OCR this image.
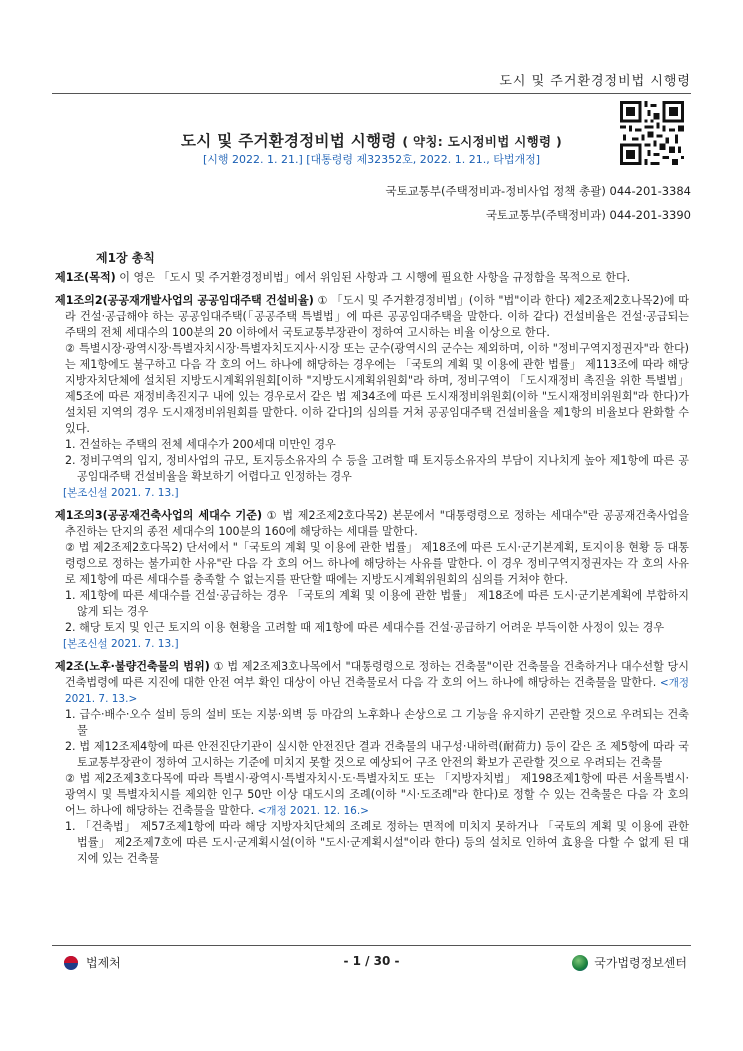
도시 및 주거환경정비법 시행령
도시 및 주거환경정비법 시행령 ( 약칭: 도시정비법 시행령 )
[시행 2022. 1. 21.] [대통령령 제32352호, 2022. 1. 21., 타법개정]
국토교통부(주택정비과-정비사업 정책 총괄) 044-201-3384
국토교통부(주택정비과) 044-201-3390
제1장 총칙

제1조(목적) 이 영은 「도시 및 주거환경정비법」에서 위임된 사항과 그 시행에 필요한 사항을 규정함을 목적으로 한다.

제1조의2(공공재개발사업의 공공임대주택 건설비율) ① 「도시 및 주거환경정비법」(이하 "법"이라 한다) 제2조제2호나목2)에 따라 건설·공급해야 하는 공공임대주택(「공공주택 특별법」에 따른 공공임대주택을 말한다. 이하 같다) 건설비율은 건설·공급되는 주택의 전체 세대수의 100분의 20 이하에서 국토교통부장관이 정하여 고시하는 비율 이상으로 한다.

② 특별시장·광역시장·특별자치시장·특별자치도지사·시장 또는 군수(광역시의 군수는 제외하며, 이하 "정비구역지정권자"라 한다)는 제1항에도 불구하고 다음 각 호의 어느 하나에 해당하는 경우에는 「국토의 계획 및 이용에 관한 법률」 제113조에 따라 해당 지방자치단체에 설치된 지방도시계획위원회[이하 "지방도시계획위원회"라 하며, 정비구역이 「도시재정비 촉진을 위한 특별법」 제5조에 따른 재정비촉진지구 내에 있는 경우로서 같은 법 제34조에 따른 도시재정비위원회(이하 "도시재정비위원회"라 한다)가 설치된 지역의 경우 도시재정비위원회를 말한다. 이하 같다]의 심의를 거쳐 공공임대주택 건설비율을 제1항의 비율보다 완화할 수 있다.

1. 건설하는 주택의 전체 세대수가 200세대 미만인 경우

2. 정비구역의 입지, 정비사업의 규모, 토지등소유자의 수 등을 고려할 때 토지등소유자의 부담이 지나치게 높아 제1항에 따른 공공임대주택 건설비율을 확보하기 어렵다고 인정하는 경우

[본조신설 2021. 7. 13.]

제1조의3(공공재건축사업의 세대수 기준) ① 법 제2조제2호다목2) 본문에서 "대통령령으로 정하는 세대수"란 공공재건축사업을 추진하는 단지의 종전 세대수의 100분의 160에 해당하는 세대를 말한다.

② 법 제2조제2호다목2) 단서에서 "「국토의 계획 및 이용에 관한 법률」 제18조에 따른 도시·군기본계획, 토지이용 현황 등 대통령령으로 정하는 불가피한 사유"란 다음 각 호의 어느 하나에 해당하는 사유를 말한다. 이 경우 정비구역지정권자는 각 호의 사유로 제1항에 따른 세대수를 충족할 수 없는지를 판단할 때에는 지방도시계획위원회의 심의를 거쳐야 한다.

1. 제1항에 따른 세대수를 건설·공급하는 경우 「국토의 계획 및 이용에 관한 법률」 제18조에 따른 도시·군기본계획에 부합하지 않게 되는 경우

2. 해당 토지 및 인근 토지의 이용 현황을 고려할 때 제1항에 따른 세대수를 건설·공급하기 어려운 부득이한 사정이 있는 경우

[본조신설 2021. 7. 13.]

제2조(노후·불량건축물의 범위) ① 법 제2조제3호나목에서 "대통령령으로 정하는 건축물"이란 건축물을 건축하거나 대수선할 당시 건축법령에 따른 지진에 대한 안전 여부 확인 대상이 아닌 건축물로서 다음 각 호의 어느 하나에 해당하는 건축물을 말한다. <개정 2021. 7. 13.>

1. 급수·배수·오수 설비 등의 설비 또는 지붕·외벽 등 마감의 노후화나 손상으로 그 기능을 유지하기 곤란할 것으로 우려되는 건축물

2. 법 제12조제4항에 따른 안전진단기관이 실시한 안전진단 결과 건축물의 내구성·내하력(耐荷力) 등이 같은 조 제5항에 따라 국토교통부장관이 정하여 고시하는 기준에 미치지 못할 것으로 예상되어 구조 안전의 확보가 곤란할 것으로 우려되는 건축물

② 법 제2조제3호다목에 따라 특별시·광역시·특별자치시·도·특별자치도 또는 「지방자치법」 제198조제1항에 따른 서울특별시·광역시 및 특별자치시를 제외한 인구 50만 이상 대도시의 조례(이하 "시·도조례"라 한다)로 정할 수 있는 건축물은 다음 각 호의 어느 하나에 해당하는 건축물을 말한다. <개정 2021. 12. 16.>

1. 「건축법」 제57조제1항에 따라 해당 지방자치단체의 조례로 정하는 면적에 미치지 못하거나 「국토의 계획 및 이용에 관한 법률」 제2조제7호에 따른 도시·군계획시설(이하 "도시·군계획시설"이라 한다) 등의 설치로 인하여 효용을 다할 수 없게 된 대지에 있는 건축물

법제처	- 1 / 30 -	국가법령정보센터
